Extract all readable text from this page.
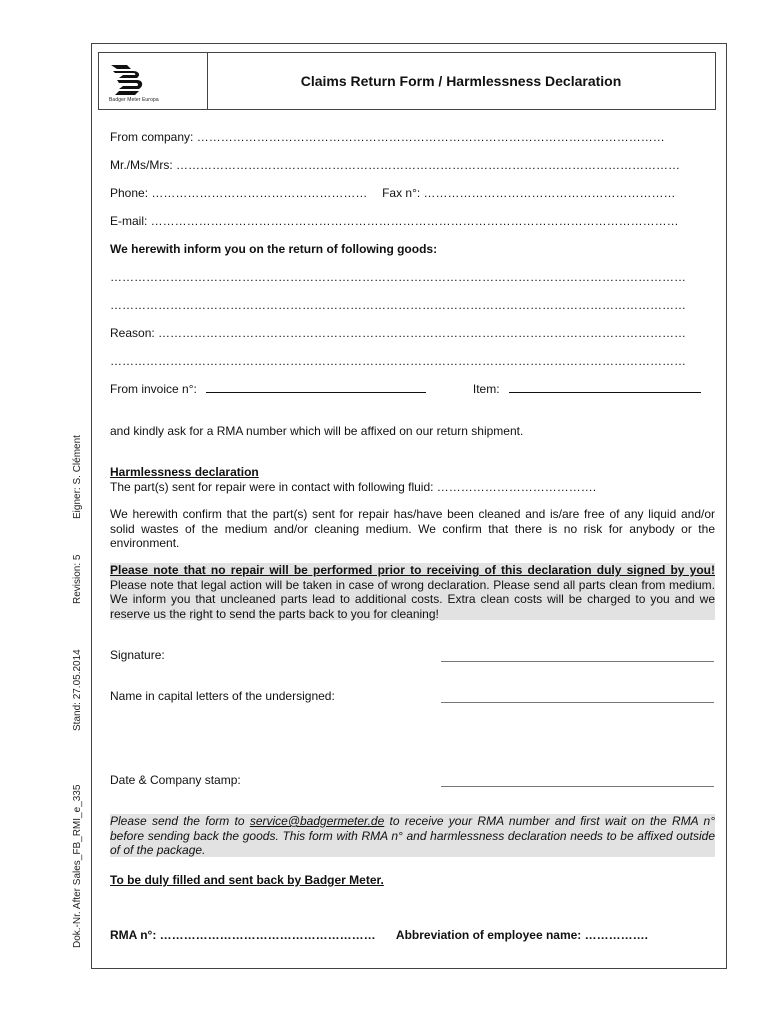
Badger Meter Europa
Claims Return Form / Harmlessness Declaration
From company: ………………………………………………………………………………………………………
Mr./Ms/Mrs: ………………………………………………………………………………………………………………
Phone: ……………………………………………… Fax n°: ………………………………………………………
E-mail: ……………………………………………………………………………………………………………………
We herewith inform you on the return of following goods:
………………………………………………………………………………………………………………………………
………………………………………………………………………………………………………………………………
Reason: ……………………………………………………………………………………………………………………
………………………………………………………………………………………………………………………………
From invoice n°:	Item:
and kindly ask for a RMA number which will be affixed on our return shipment.
Harmlessness declaration
The part(s) sent for repair were in contact with following fluid: ………………………………….
We herewith confirm that the part(s) sent for repair has/have been cleaned and is/are free of any liquid and/or solid wastes of the medium and/or cleaning medium. We confirm that there is no risk for anybody or the environment.
Please note that no repair will be performed prior to receiving of this declaration duly signed by you! Please note that legal action will be taken in case of wrong declaration. Please send all parts clean from medium. We inform you that uncleaned parts lead to additional costs. Extra clean costs will be charged to you and we reserve us the right to send the parts back to you for cleaning!
Signature:
Name in capital letters of the undersigned:
Date & Company stamp:
Please send the form to service@badgermeter.de to receive your RMA number and first wait on the RMA n° before sending back the goods. This form with RMA n° and harmlessness declaration needs to be affixed outside of of the package.
To be duly filled and sent back by Badger Meter.
RMA n°: ……………………………………………… Abbreviation of employee name: …………….
Eigner: S. Clément
Revision: 5
Stand: 27.05.2014
Dok.-Nr. After Sales_FB_RMI_e_335
